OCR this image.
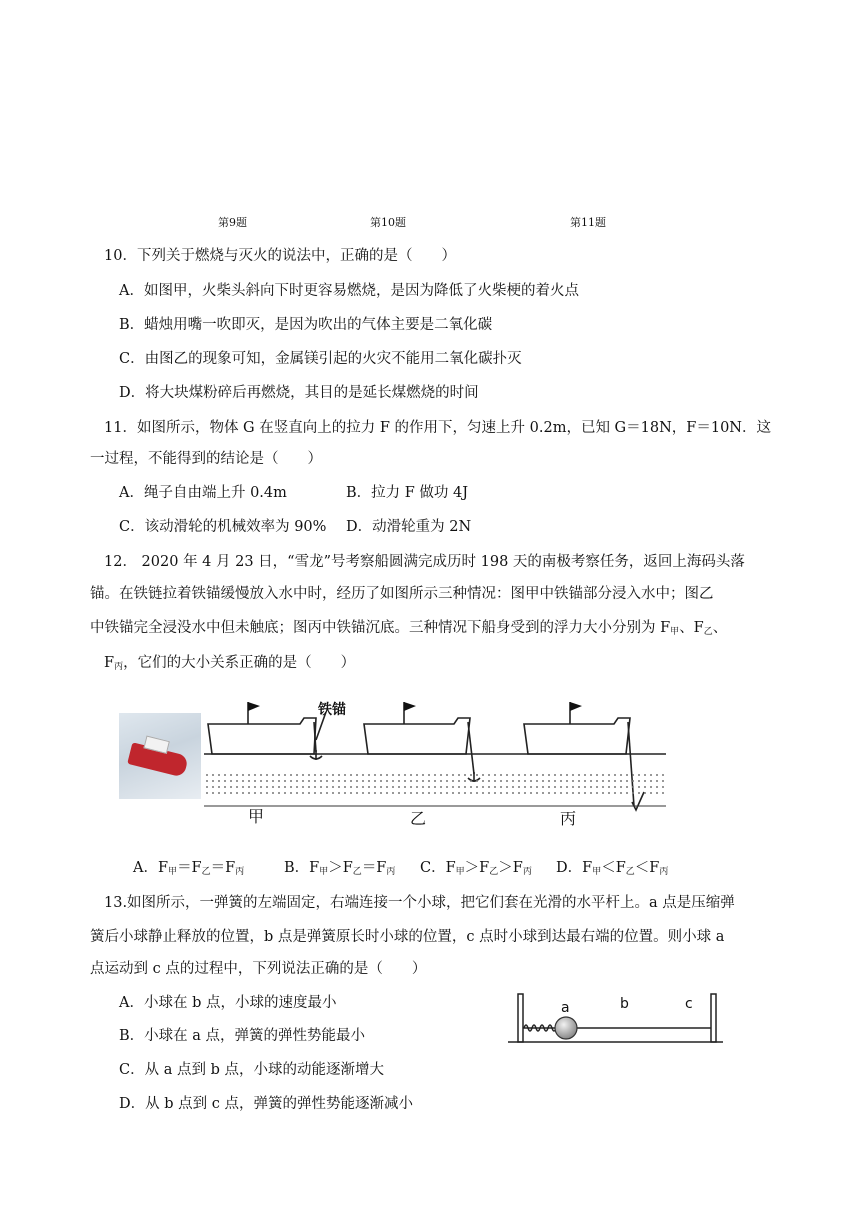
第9题	第10题	第11题
10．下列关于燃烧与灭火的说法中，正确的是（　　）
A．如图甲，火柴头斜向下时更容易燃烧，是因为降低了火柴梗的着火点
B．蜡烛用嘴一吹即灭，是因为吹出的气体主要是二氧化碳
C．由图乙的现象可知，金属镁引起的火灾不能用二氧化碳扑灭
D．将大块煤粉碎后再燃烧，其目的是延长煤燃烧的时间
11．如图所示，物体 G 在竖直向上的拉力 F 的作用下，匀速上升 0.2m，已知 G＝18N，F＝10N．这
一过程，不能得到的结论是（　　）
A．绳子自由端上升 0.4m	B．拉力 F 做功 4J
C．该动滑轮的机械效率为 90% D．动滑轮重为 2N
12． 2020 年 4 月 23 日，“雪龙”号考察船圆满完成历时 198 天的南极考察任务，返回上海码头落
锚。在铁链拉着铁锚缓慢放入水中时，经历了如图所示三种情况：图甲中铁锚部分浸入水中；图乙
中铁锚完全浸没水中但未触底；图丙中铁锚沉底。三种情况下船身受到的浮力大小分别为 $F_甲$、$F_乙$、
$F_丙$，它们的大小关系正确的是（　　）
铁锚
甲	乙	丙
A．$F_甲=F_乙=F_丙$	B．$F_甲>F_乙=F_丙$ C．$F_甲>F_乙>F_丙$ D．$F_甲<F_乙<F_丙$
13.如图所示，一弹簧的左端固定，右端连接一个小球，把它们套在光滑的水平杆上。a 点是压缩弹
簧后小球静止释放的位置，b 点是弹簧原长时小球的位置，c 点时小球到达最右端的位置。则小球 a
点运动到 c 点的过程中，下列说法正确的是（　　）
A．小球在 b 点，小球的速度最小
B．小球在 a 点，弹簧的弹性势能最小
C．从 a 点到 b 点，小球的动能逐渐增大
D．从 b 点到 c 点，弹簧的弹性势能逐渐减小
a	b	c
